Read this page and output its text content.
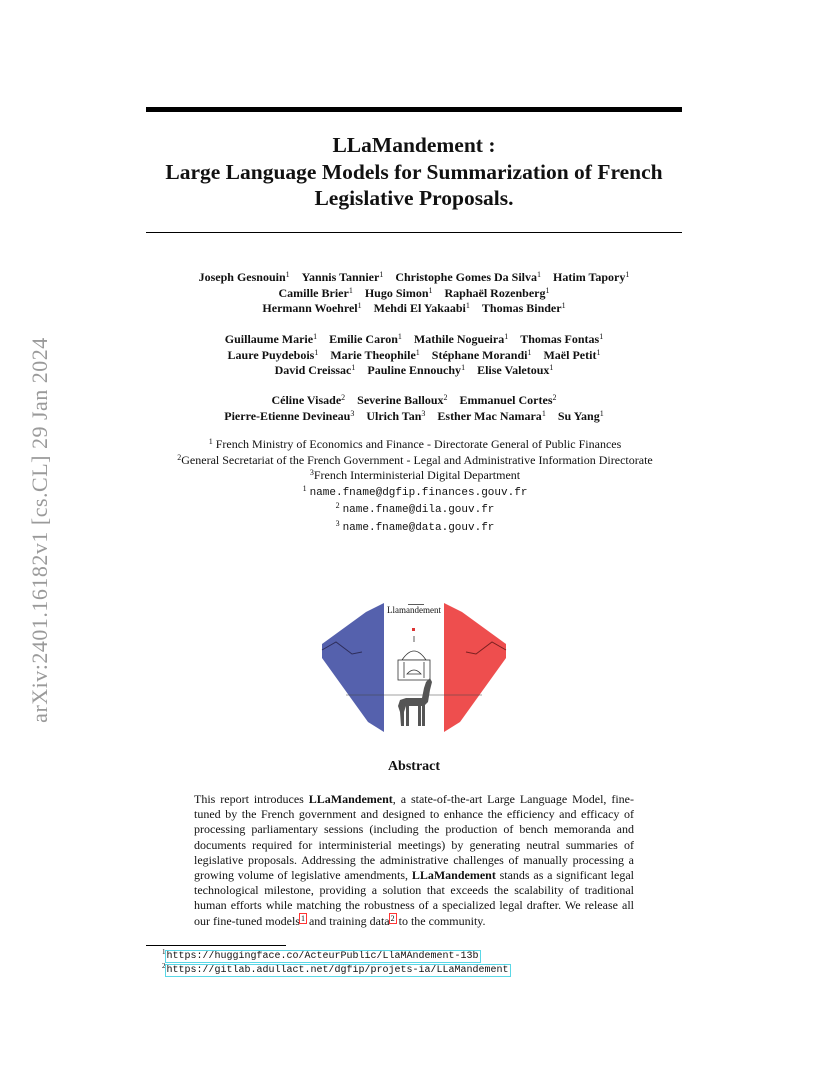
arXiv:2401.16182v1 [cs.CL] 29 Jan 2024
LLaMandement :
Large Language Models for Summarization of French
Legislative Proposals.
Joseph Gesnouin$^1$ Yannis Tannier$^1$ Christophe Gomes Da Silva$^1$ Hatim Tapory$^1$
Camille Brier$^1$ Hugo Simon$^1$ Raphaël Rozenberg$^1$
Hermann Woehrel$^1$ Mehdi El Yakaabi$^1$ Thomas Binder$^1$
Guillaume Marie$^1$ Emilie Caron$^1$ Mathile Nogueira$^1$ Thomas Fontas$^1$
Laure Puydebois$^1$ Marie Theophile$^1$ Stéphane Morandi$^1$ Maël Petit$^1$
David Creissac$^1$ Pauline Ennouchy$^1$ Elise Valetoux$^1$
Céline Visade$^2$ Severine Balloux$^2$ Emmanuel Cortes$^2$
Pierre-Etienne Devineau$^3$ Ulrich Tan$^3$ Esther Mac Namara$^1$ Su Yang$^1$
$^1$ French Ministry of Economics and Finance - Directorate General of Public Finances
$^2$General Secretariat of the French Government - Legal and Administrative Information Directorate
$^3$French Interministerial Digital Department
$^1$ name.fname@dgfip.finances.gouv.fr
$^2$ name.fname@dila.gouv.fr
$^3$ name.fname@data.gouv.fr
Llamandement
Abstract
This report introduces LLaMandement, a state-of-the-art Large Language Model, fine-tuned by the French government and designed to enhance the efficiency and efficacy of processing parliamentary sessions (including the production of bench memoranda and documents required for interministerial meetings) by generating neutral summaries of legislative proposals. Addressing the administrative challenges of manually processing a growing volume of legislative amendments, LLaMandement stands as a significant legal technological milestone, providing a solution that exceeds the scalability of traditional human efforts while matching the robustness of a specialized legal drafter. We release all our fine-tuned models$^1$ and training data$^2$ to the community.
$^1$https://huggingface.co/ActeurPublic/LlaMAndement-13b
$^2$https://gitlab.adullact.net/dgfip/projets-ia/LLaMandement
